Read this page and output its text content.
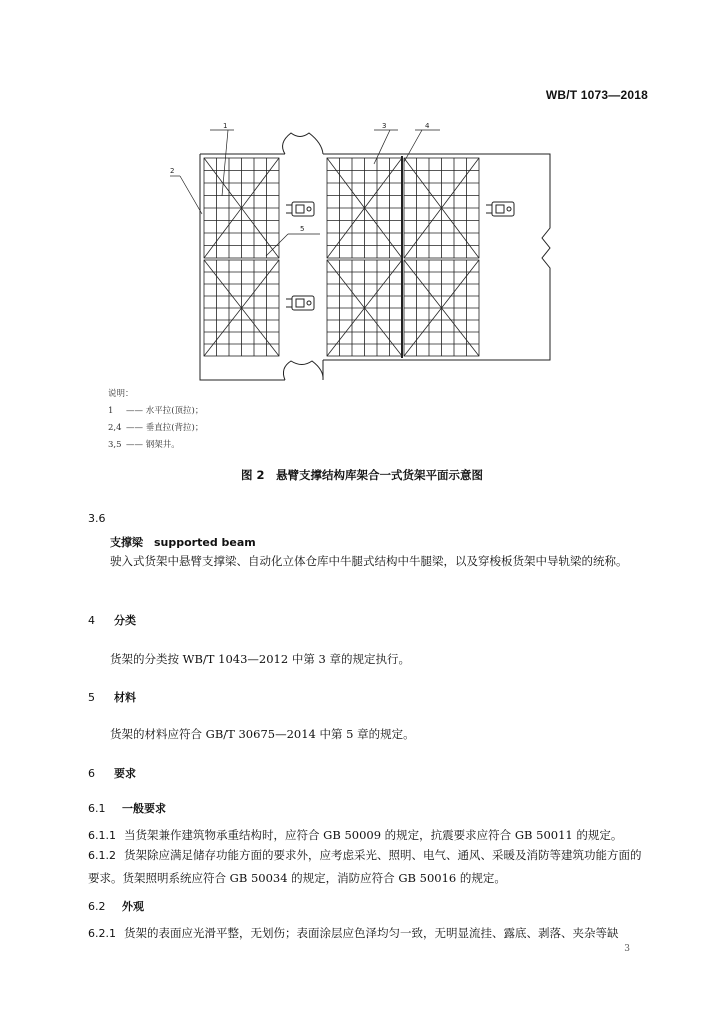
WB/T 1073—2018
1
2
3	4
5
说明：
1 —— 水平拉(顶拉)；
2,4 —— 垂直拉(背拉)；
3,5 —— 钢架井。
图 2　悬臂支撑结构库架合一式货架平面示意图
3.6
支撑梁　supported beam
驶入式货架中悬臂支撑梁、自动化立体仓库中牛腿式结构中牛腿梁，以及穿梭板货架中导轨梁的统称。
4 分类
货架的分类按 WB/T 1043—2012 中第 3 章的规定执行。
5 材料
货架的材料应符合 GB/T 30675—2014 中第 5 章的规定。
6 要求
6.1 一般要求
6.1.1 当货架兼作建筑物承重结构时，应符合 GB 50009 的规定，抗震要求应符合 GB 50011 的规定。
6.1.2 货架除应满足储存功能方面的要求外，应考虑采光、照明、电气、通风、采暖及消防等建筑功能方面的要求。货架照明系统应符合 GB 50034 的规定，消防应符合 GB 50016 的规定。
6.2 外观
6.2.1 货架的表面应光滑平整，无划伤；表面涂层应色泽均匀一致，无明显流挂、露底、剥落、夹杂等缺
3
